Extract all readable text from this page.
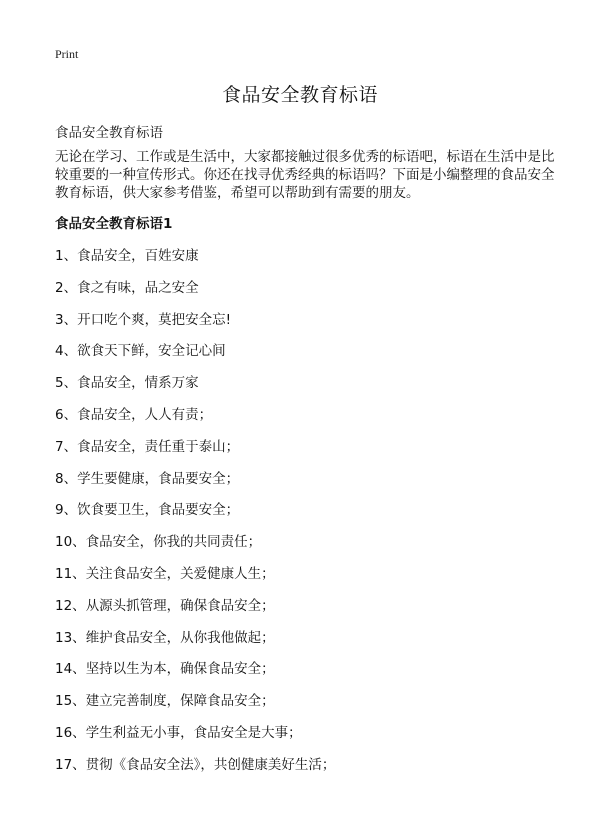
Print
食品安全教育标语
食品安全教育标语

无论在学习、工作或是生活中，大家都接触过很多优秀的标语吧，标语在生活中是比较重要的一种宣传形式。你还在找寻优秀经典的标语吗？下面是小编整理的食品安全教育标语，供大家参考借鉴，希望可以帮助到有需要的朋友。

食品安全教育标语1
1、食品安全，百姓安康
2、食之有味，品之安全
3、开口吃个爽，莫把安全忘!
4、欲食天下鲜，安全记心间
5、食品安全，情系万家
6、食品安全，人人有责；
7、食品安全，责任重于泰山；
8、学生要健康，食品要安全；
9、饮食要卫生，食品要安全；
10、食品安全，你我的共同责任；
11、关注食品安全，关爱健康人生；
12、从源头抓管理，确保食品安全；
13、维护食品安全，从你我他做起；
14、坚持以生为本，确保食品安全；
15、建立完善制度，保障食品安全；
16、学生利益无小事，食品安全是大事；
17、贯彻《食品安全法》，共创健康美好生活；
